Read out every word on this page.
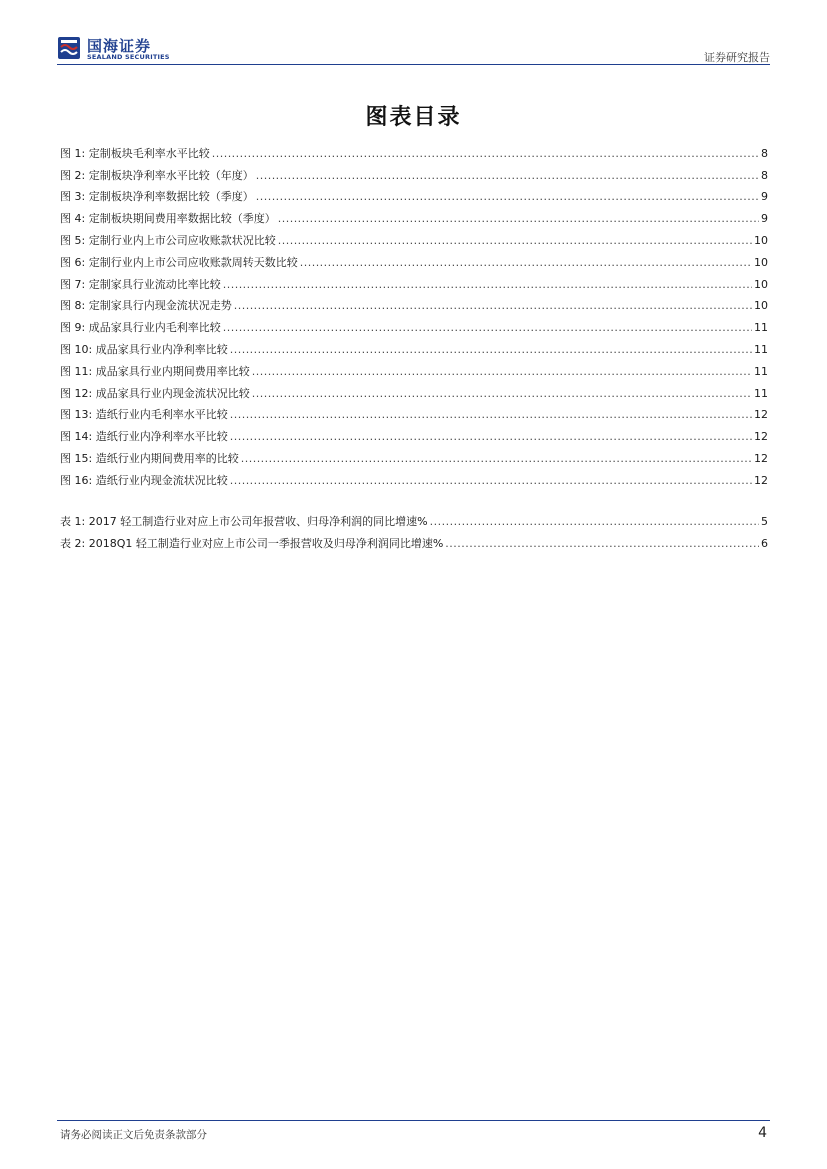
国海证券
SEALAND SECURITIES	证券研究报告
图表目录
图 1: 定制板块毛利率水平比较 .....	8
图 2: 定制板块净利率水平比较（年度） .....	8
图 3: 定制板块净利率数据比较（季度） .....	9
图 4: 定制板块期间费用率数据比较（季度） .....	9
图 5: 定制行业内上市公司应收账款状况比较 .....	10
图 6: 定制行业内上市公司应收账款周转天数比较 .....	10
图 7: 定制家具行业流动比率比较 .....	10
图 8: 定制家具行内现金流状况走势 .....	10
图 9: 成品家具行业内毛利率比较 .....	11
图 10: 成品家具行业内净利率比较 .....	11
图 11: 成品家具行业内期间费用率比较 .....	11
图 12: 成品家具行业内现金流状况比较 .....	11
图 13: 造纸行业内毛利率水平比较 .....	12
图 14: 造纸行业内净利率水平比较 .....	12
图 15: 造纸行业内期间费用率的比较 .....	12
图 16: 造纸行业内现金流状况比较 .....	12
表 1: 2017 轻工制造行业对应上市公司年报营收、归母净利润的同比增速% .....	5
表 2: 2018Q1 轻工制造行业对应上市公司一季报营收及归母净利润同比增速% .....	6
请务必阅读正文后免责条款部分	4
